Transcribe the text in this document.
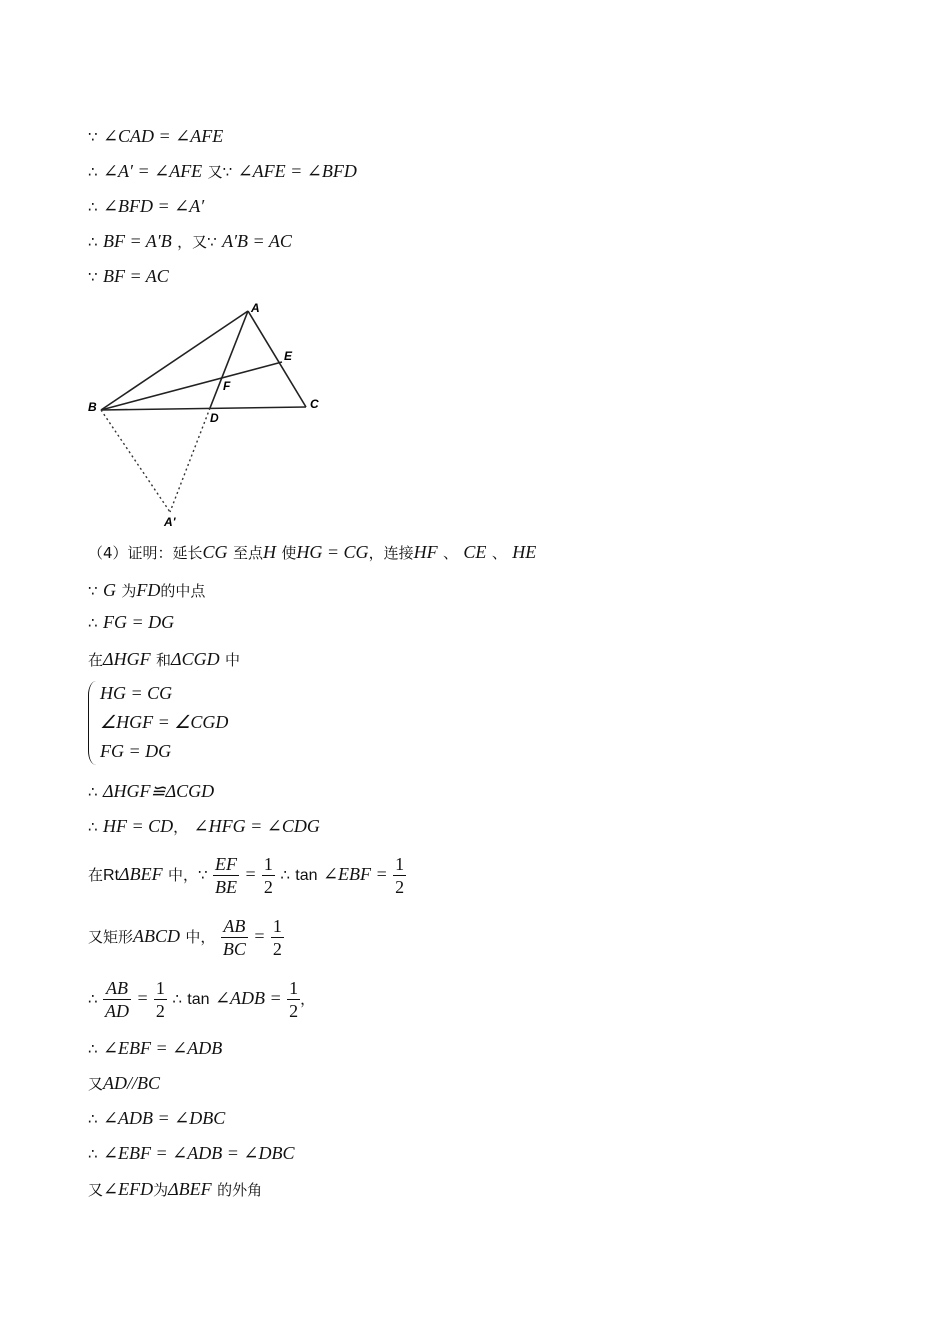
∵ ∠CAD = ∠AFE
∴ ∠A′ = ∠AFE 又∵ ∠AFE = ∠BFD
∴ ∠BFD = ∠A′
∴ BF = A′B ，又∵ A′B = AC
∵ BF = AC
A
E
F
B	C
D
A'
（4）证明：延长CG 至点H 使HG = CG，连接HF 、 CE 、 HE
∵ G 为FD的中点
∴ FG = DG
在ΔHGF 和ΔCGD 中
HG = CG
∠HGF = ∠CGD
FG = DG
∴ ΔHGF≌ΔCGD
∴ HF = CD， ∠HFG = ∠CDG
在RtΔBEF 中，∵ $\frac{EF}{BE} = \frac{1}{2}$ ∴ tan ∠EBF = $\frac{1}{2}$
又矩形ABCD 中， $\frac{AB}{BC} = \frac{1}{2}$
∴ $\frac{AB}{AD} = \frac{1}{2}$ ∴ tan ∠ADB = $\frac{1}{2}$ ，
∴ ∠EBF = ∠ADB
又AD//BC
∴ ∠ADB = ∠DBC
∴ ∠EBF = ∠ADB = ∠DBC
又∠EFD为ΔBEF 的外角
